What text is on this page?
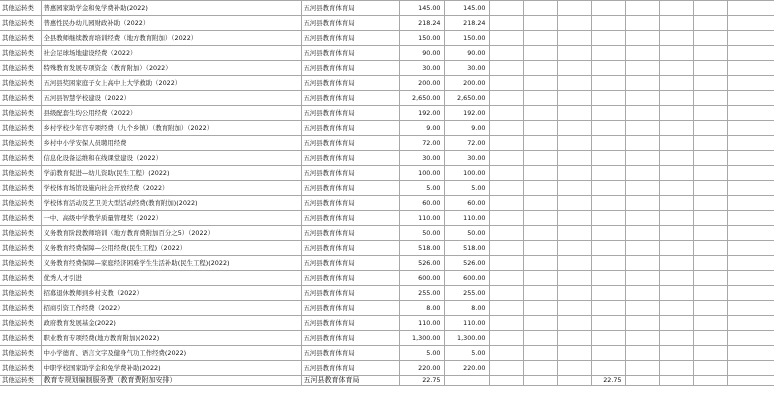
其他运转类	普惠园家助学金和免学费补助(2022)	五河县教育体育局	145.00	145.00								
其他运转类	普惠性民办幼儿园财政补助（2022）	五河县教育体育局	218.24	218.24								
其他运转类	全县教师继续教育培训经费（地方教育附加）（2022）	五河县教育体育局	150.00	150.00								
其他运转类	社会足球场地建设经费（2022）	五河县教育体育局	90.00	90.00								
其他运转类	特殊教育发展专项资金（教育附加）（2022）	五河县教育体育局	30.00	30.00								
其他运转类	五河县奖困家庭子女上高中上大学救助（2022）	五河县教育体育局	200.00	200.00								
其他运转类	五河县智慧学校建设（2022）	五河县教育体育局	2,650.00	2,650.00								
其他运转类	县级配套生均公用经费（2022）	五河县教育体育局	192.00	192.00								
其他运转类	乡村学校少年宫专项经费（九个乡镇）（教育附加）（2022）	五河县教育体育局	9.00	9.00								
其他运转类	乡村中小学安保人员聘用经费	五河县教育体育局	72.00	72.00								
其他运转类	信息化设备运维和在线课堂建设（2022）	五河县教育体育局	30.00	30.00								
其他运转类	学前教育促进—幼儿资助(民生工程）(2022)	五河县教育体育局	100.00	100.00								
其他运转类	学校体育场馆设施向社会开放经费（2022）	五河县教育体育局	5.00	5.00								
其他运转类	学校体育活动及艺卫美大型活动经费(教育附加)(2022)	五河县教育体育局	60.00	60.00								
其他运转类	一中、高级中学教学质量管理奖（2022）	五河县教育体育局	110.00	110.00								
其他运转类	义务教育阶段教师培训（地方教育费附加百分之5）（2022）	五河县教育体育局	50.00	50.00								
其他运转类	义务教育经费保障—公用经费(民生工程)（2022）	五河县教育体育局	518.00	518.00								
其他运转类	义务教育经费保障—家庭经济困难学生生活补助(民生工程)(2022)	五河县教育体育局	526.00	526.00								
其他运转类	优秀人才引进	五河县教育体育局	600.00	600.00								
其他运转类	招募退休教师到乡村支教（2022）	五河县教育体育局	255.00	255.00								
其他运转类	招商引资工作经费（2022）	五河县教育体育局	8.00	8.00								
其他运转类	政府教育发展基金(2022)	五河县教育体育局	110.00	110.00								
其他运转类	职业教育专项经费(地方教育附加)(2022)	五河县教育体育局	1,300.00	1,300.00								
其他运转类	中小学德育、语言文字及健身气功工作经费(2022)	五河县教育体育局	5.00	5.00								
其他运转类	中职学校国家助学金和免学费补助(2022)	五河县教育体育局	220.00	220.00								
其他运转类	教育专规划编制服务费（教育费附加安排）	五河县教育体育局	22.75					22.75				
